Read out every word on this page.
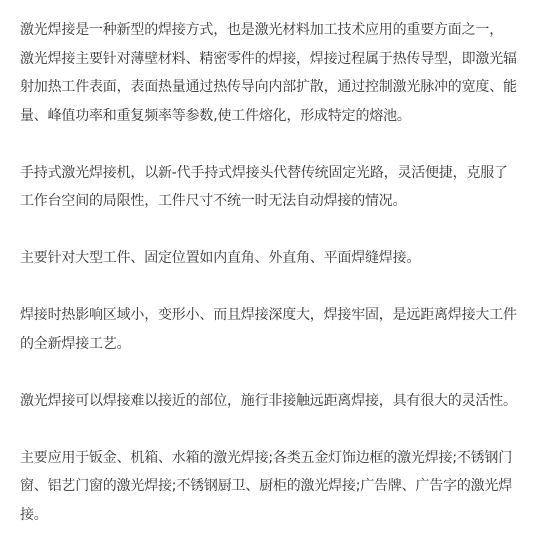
激光焊接是一种新型的焊接方式，也是激光材料加工技术应用的重要方面之一， 激光焊接主要针对薄壁材料、精密零件的焊接，焊接过程属于热传导型，即激光辐射加热工件表面，表面热量通过热传导向内部扩散，通过控制激光脉冲的宽度、能量、峰值功率和重复频率等参数,使工件熔化，形成特定的熔池。

手持式激光焊接机，以新-代手持式焊接头代替传统固定光路，灵活便捷，克服了工作台空间的局限性，工件尺寸不统一时无法自动焊接的情况。

主要针对大型工件、固定位置如内直角、外直角、平面焊缝焊接。

焊接时热影响区域小，变形小、而且焊接深度大，焊接牢固，是远距离焊接大工件的全新焊接工艺。

激光焊接可以焊接难以接近的部位，施行非接触远距离焊接，具有很大的灵活性。

主要应用于钣金、机箱、水箱的激光焊接;各类五金灯饰边框的激光焊接;不锈钢门窗、铝艺门窗的激光焊接;不锈钢厨卫、厨柜的激光焊接;广告牌、广告字的激光焊接。
